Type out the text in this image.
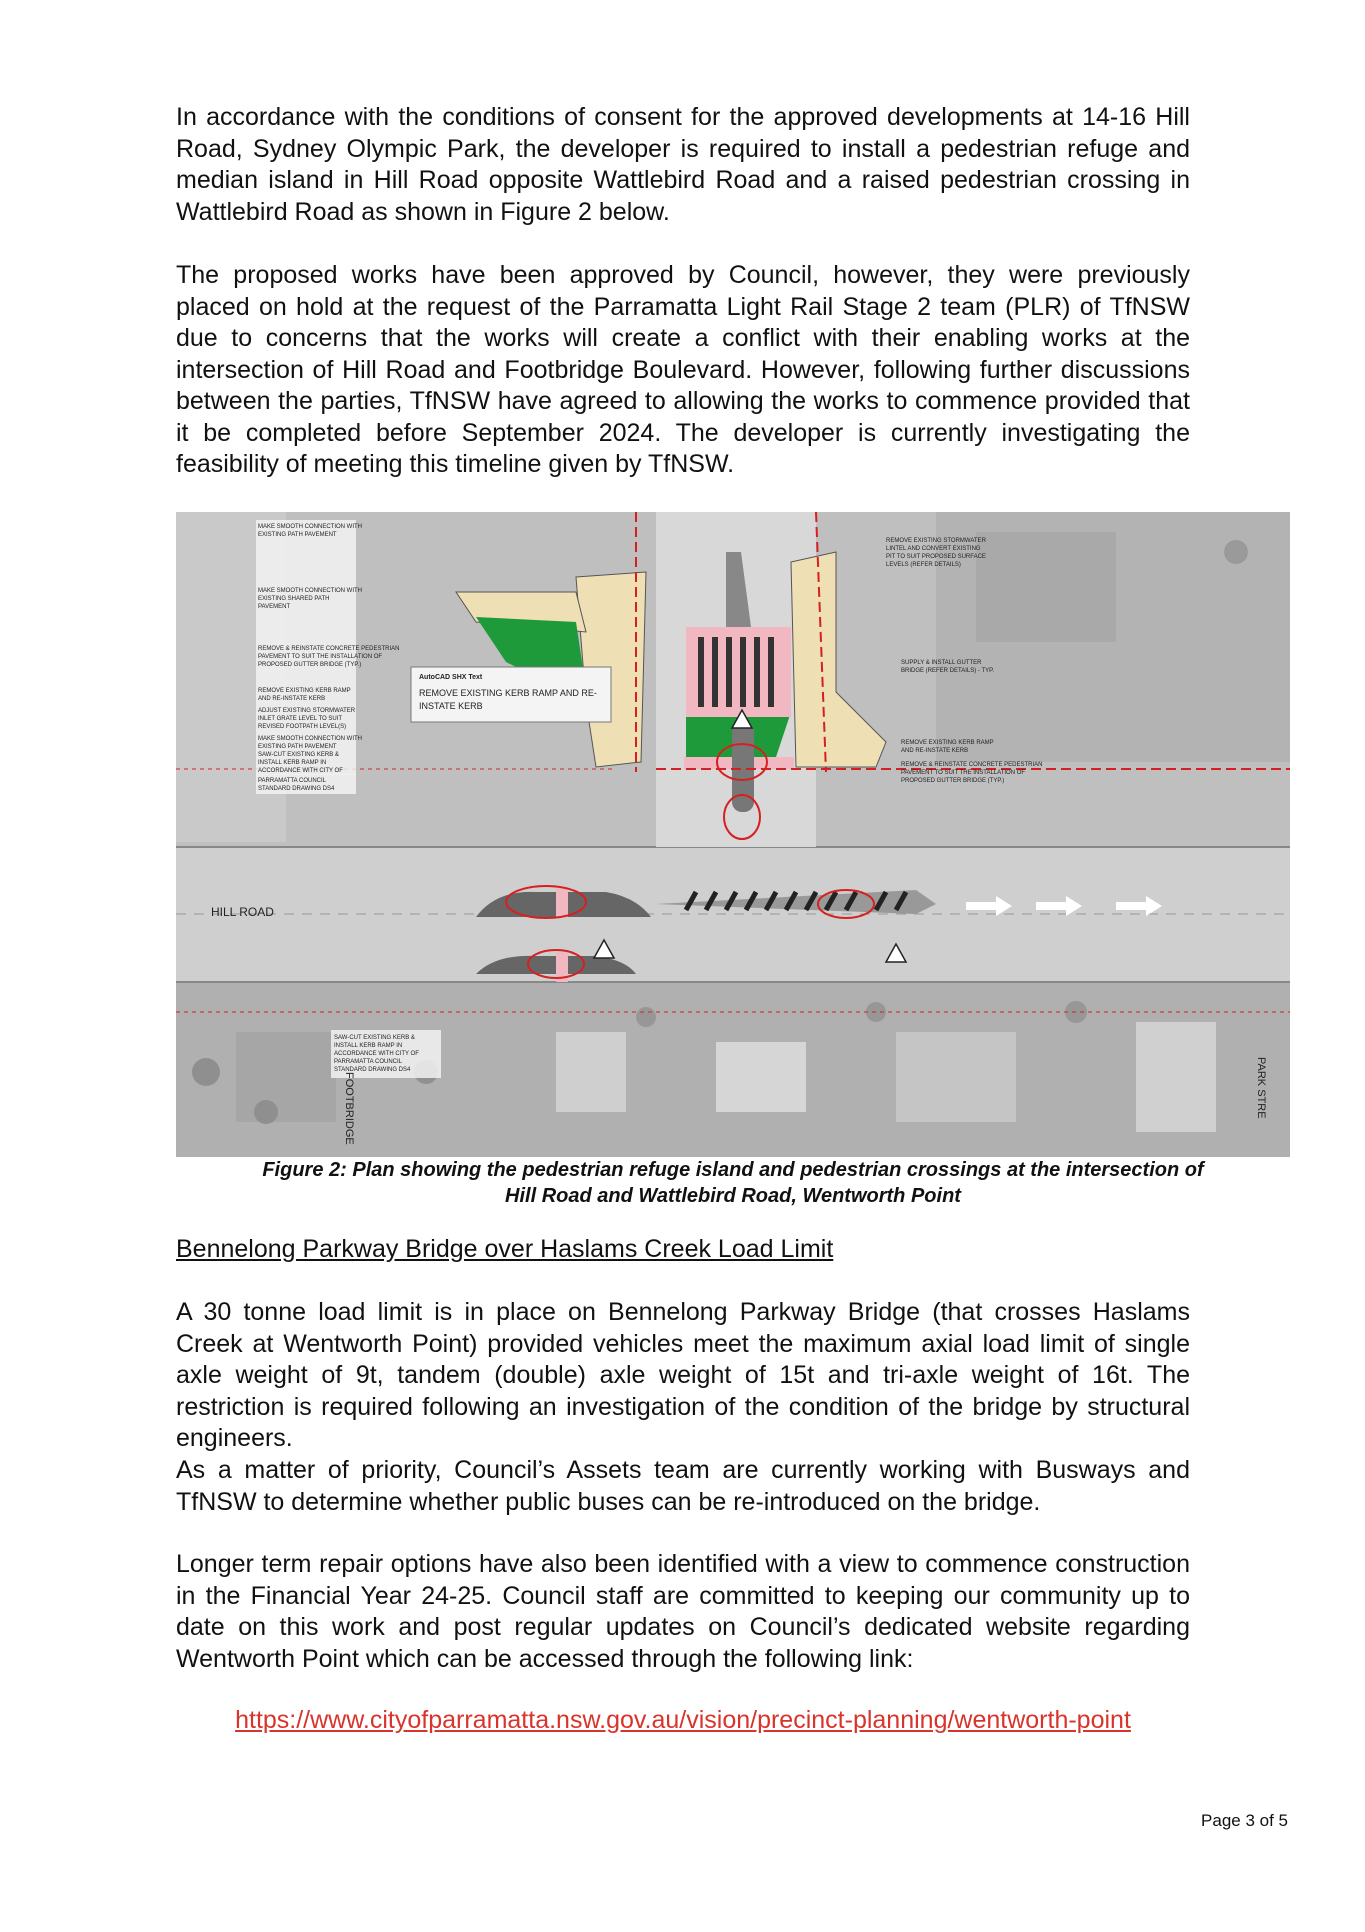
In accordance with the conditions of consent for the approved developments at 14-16 Hill Road, Sydney Olympic Park, the developer is required to install a pedestrian refuge and median island in Hill Road opposite Wattlebird Road and a raised pedestrian crossing in Wattlebird Road as shown in Figure 2 below.

The proposed works have been approved by Council, however, they were previously placed on hold at the request of the Parramatta Light Rail Stage 2 team (PLR) of TfNSW due to concerns that the works will create a conflict with their enabling works at the intersection of Hill Road and Footbridge Boulevard. However, following further discussions between the parties, TfNSW have agreed to allowing the works to commence provided that it be completed before September 2024. The developer is currently investigating the feasibility of meeting this timeline given by TfNSW.

AutoCAD SHX Text
REMOVE EXISTING KERB RAMP AND RE-
INSTATE KERB
MAKE SMOOTH CONNECTION WITH
EXISTING PATH PAVEMENT
MAKE SMOOTH CONNECTION WITH
EXISTING SHARED PATH
PAVEMENT
REMOVE & REINSTATE CONCRETE PEDESTRIAN
PAVEMENT TO SUIT THE INSTALLATION OF
PROPOSED GUTTER BRIDGE (TYP.)
REMOVE EXISTING KERB RAMP
AND RE-INSTATE KERB
ADJUST EXISTING STORMWATER
INLET GRATE LEVEL TO SUIT
REVISED FOOTPATH LEVEL(S)
MAKE SMOOTH CONNECTION WITH
EXISTING PATH PAVEMENT
SAW-CUT EXISTING KERB &
INSTALL KERB RAMP IN
ACCORDANCE WITH CITY OF
PARRAMATTA COUNCIL
STANDARD DRAWING DS4
REMOVE EXISTING STORMWATER
LINTEL AND CONVERT EXISTING
PIT TO SUIT PROPOSED SURFACE
LEVELS (REFER DETAILS)
SUPPLY & INSTALL GUTTER
BRIDGE (REFER DETAILS) - TYP.
REMOVE EXISTING KERB RAMP
AND RE-INSTATE KERB
REMOVE & REINSTATE CONCRETE PEDESTRIAN
PAVEMENT TO SUIT THE INSTALLATION OF
PROPOSED GUTTER BRIDGE (TYP.)
SAW-CUT EXISTING KERB &
INSTALL KERB RAMP IN
ACCORDANCE WITH CITY OF
PARRAMATTA COUNCIL
STANDARD DRAWING DS4
HILL ROAD
FOOTBRIDGE	PARK STRE

Figure 2: Plan showing the pedestrian refuge island and pedestrian crossings at the intersection of
Hill Road and Wattlebird Road, Wentworth Point

Bennelong Parkway Bridge over Haslams Creek Load Limit

A 30 tonne load limit is in place on Bennelong Parkway Bridge (that crosses Haslams Creek at Wentworth Point) provided vehicles meet the maximum axial load limit of single axle weight of 9t, tandem (double) axle weight of 15t and tri-axle weight of 16t. The restriction is required following an investigation of the condition of the bridge by structural engineers.

As a matter of priority, Council’s Assets team are currently working with Busways and TfNSW to determine whether public buses can be re-introduced on the bridge.

Longer term repair options have also been identified with a view to commence construction in the Financial Year 24-25. Council staff are committed to keeping our community up to date on this work and post regular updates on Council’s dedicated website regarding Wentworth Point which can be accessed through the following link:

https://www.cityofparramatta.nsw.gov.au/vision/precinct-planning/wentworth-point
Page 3 of 5
